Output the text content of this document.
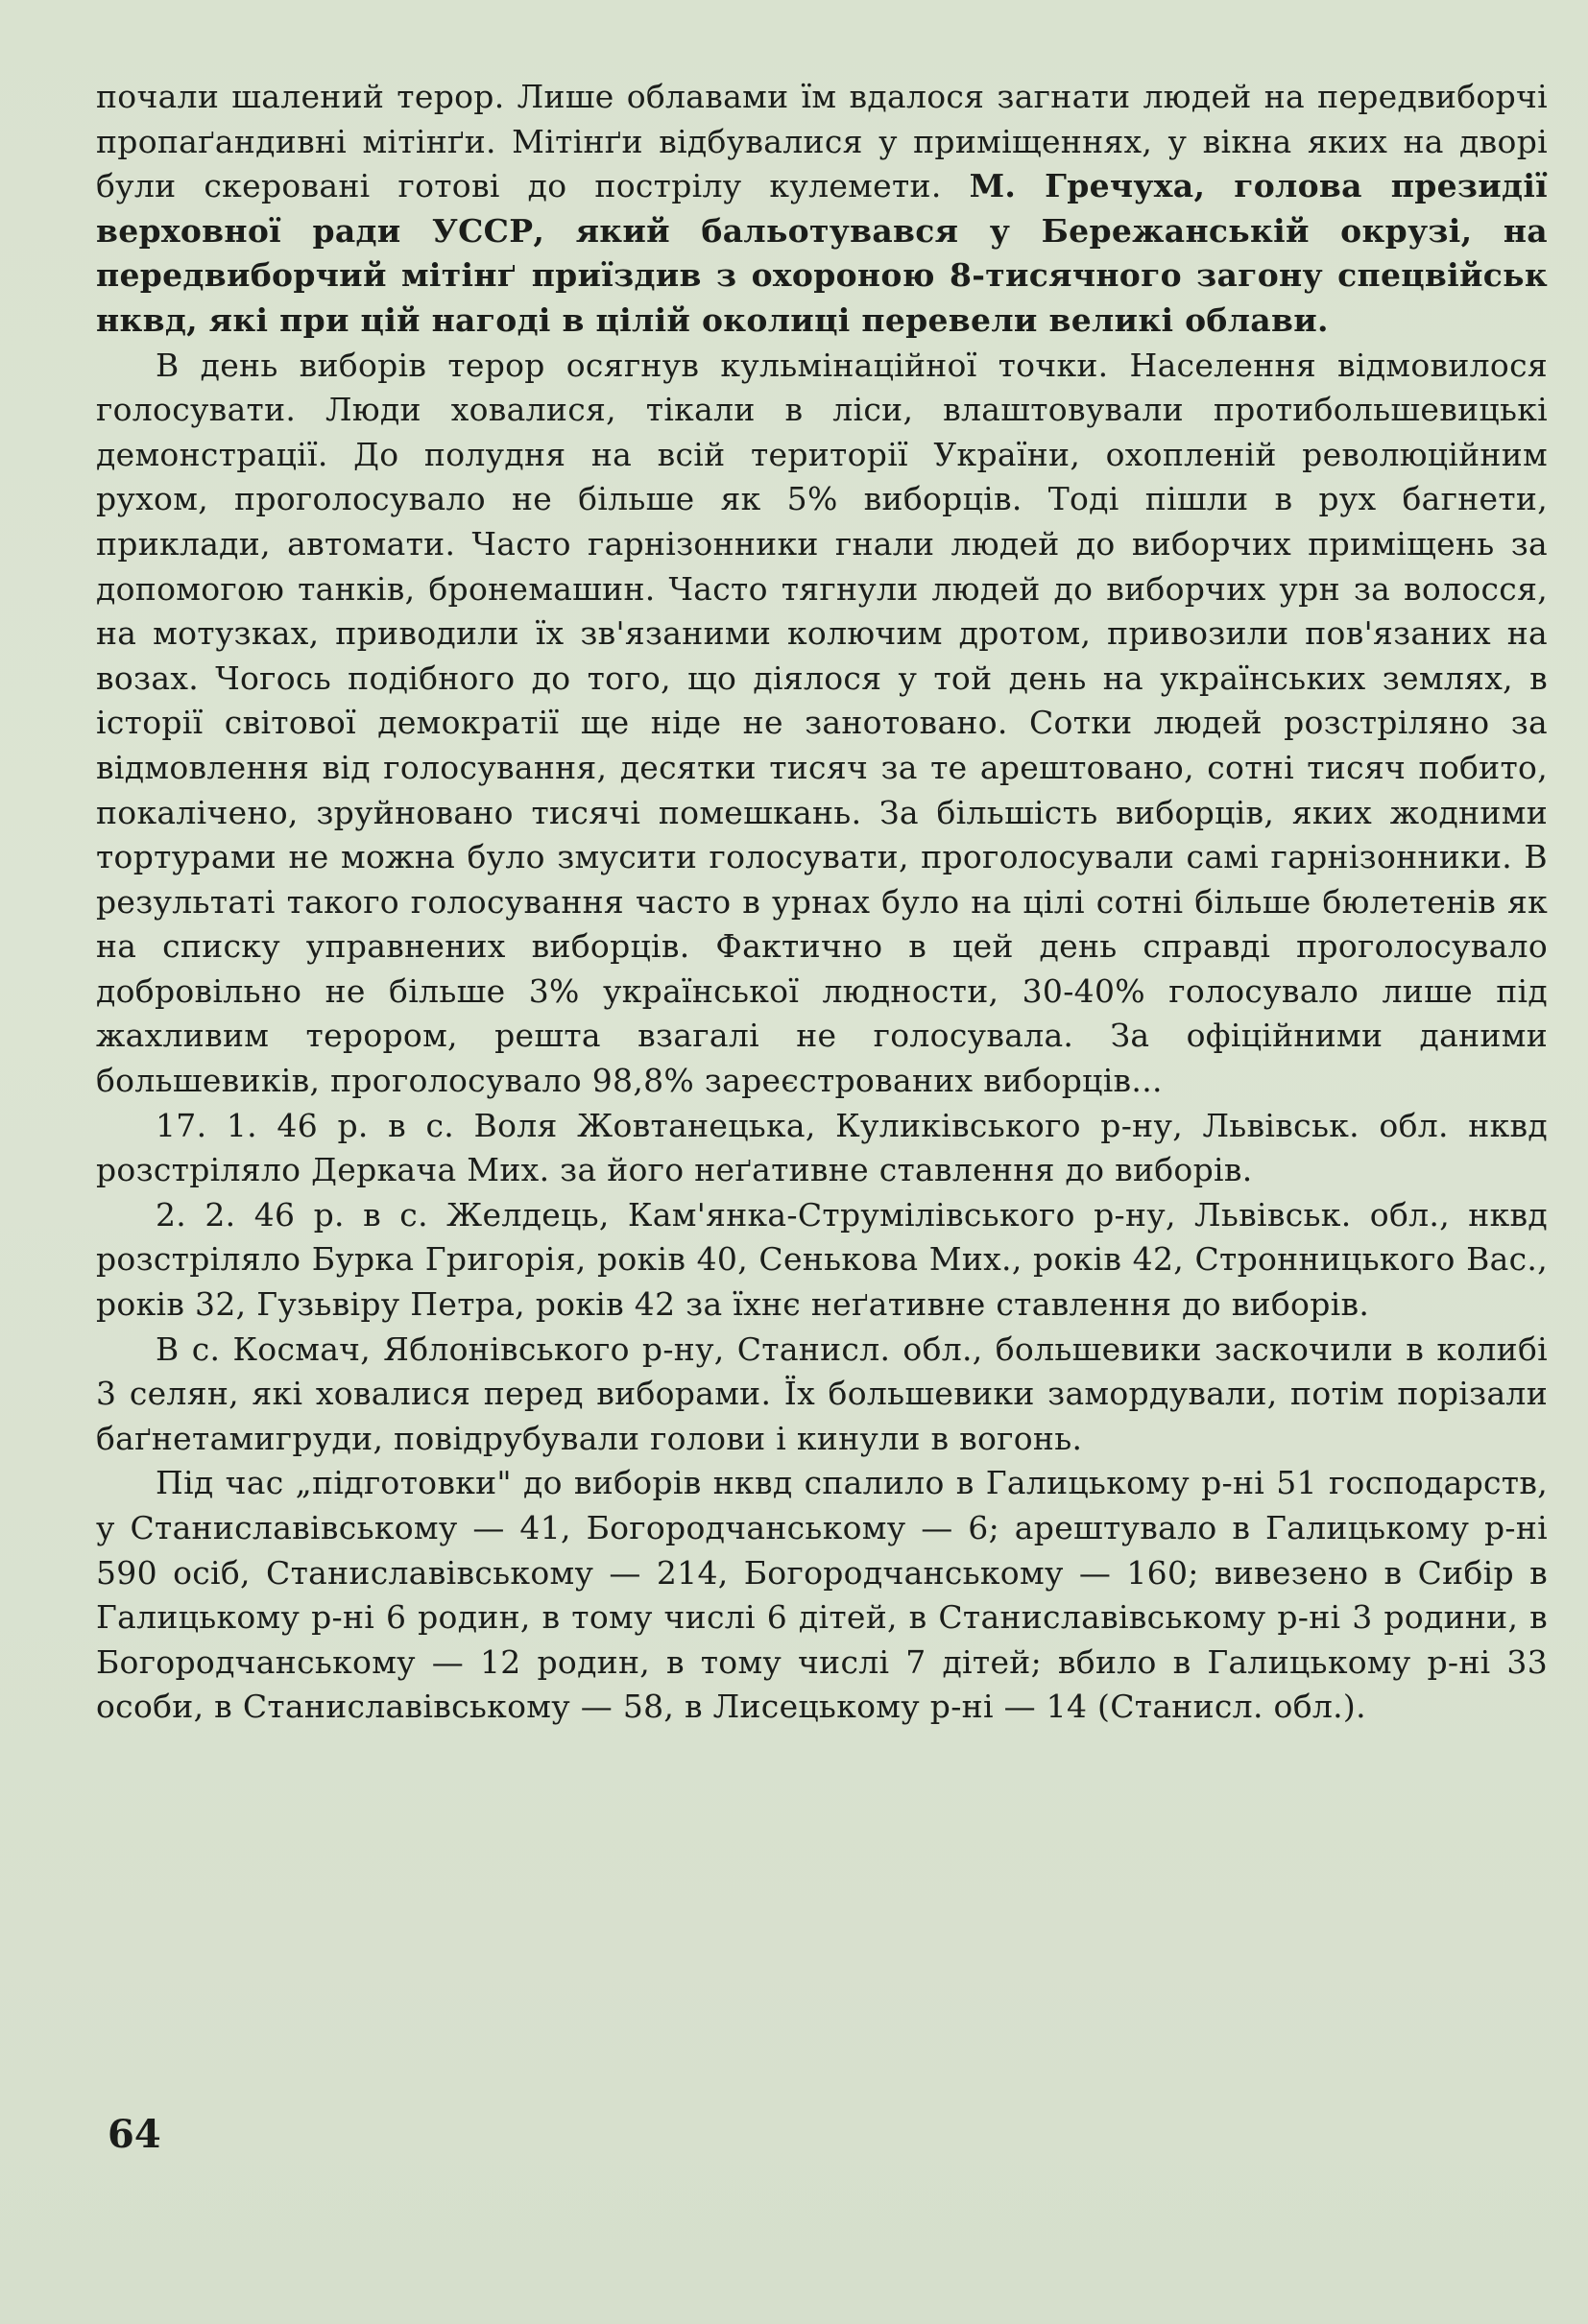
почали шалений терор. Лише облавами їм вдалося загнати людей на передвиборчі пропаґандивні мітінґи. Мітінґи відбувалися у приміщеннях, у вікна яких на дворі були скеровані готові до пострілу кулемети. М. Гречуха, голова президії верховної ради УССР, який бальотувався у Бережанській окрузі, на передвиборчий мітінґ приїздив з охороною 8-тисячного загону спецвійськ нквд, які при цій нагоді в цілій околиці перевели великі облави.

В день виборів терор осягнув кульмінаційної точки. Населення відмовилося голосувати. Люди ховалися, тікали в ліси, влаштовували протибольшевицькі демонстрації. До полудня на всій території України, охопленій революційним рухом, проголосувало не більше як 5% виборців. Тоді пішли в рух багнети, приклади, автомати. Часто гарнізонники гнали людей до виборчих приміщень за допомогою танків, бронемашин. Часто тягнули людей до виборчих урн за волосся, на мотузках, приводили їх зв'язаними колючим дротом, привозили пов'язаних на возах. Чогось подібного до того, що діялося у той день на українських землях, в історії світової демократії ще ніде не занотовано. Сотки людей розстріляно за відмовлення від голосування, десятки тисяч за те арештовано, сотні тисяч побито, покалічено, зруйновано тисячі помешкань. За більшість виборців, яких жодними тортурами не можна було змусити голосувати, проголосували самі гарнізонники. В результаті такого голосування часто в урнах було на цілі сотні більше бюлетенів як на списку управнених виборців. Фактично в цей день справді проголосувало добровільно не більше 3% української людности, 30-40% голосувало лише під жахливим терором, решта взагалі не голосувала. За офіційними даними большевиків, проголосувало 98,8% зареєстрованих виборців...

17. 1. 46 р. в с. Воля Жовтанецька, Куликівського р-ну, Львівськ. обл. нквд розстріляло Деркача Мих. за його неґативне ставлення до виборів.

2. 2. 46 р. в с. Желдець, Кам'янка-Струмілівського р-ну, Львівськ. обл., нквд розстріляло Бурка Григорія, років 40, Сенькова Мих., років 42, Стронницького Вас., років 32, Гузьвіру Петра, років 42 за їхнє неґативне ставлення до виборів.

В с. Космач, Яблонівського р-ну, Станисл. обл., большевики заскочили в колибі 3 селян, які ховалися перед виборами. Їх большевики замордували, потім порізали баґнетамигруди, повідрубували голови і кинули в вогонь.

Під час „підготовки" до виборів нквд спалило в Галицькому р-ні 51 господарств, у Станиславівському — 41, Богородчанському — 6; арештувало в Галицькому р-ні 590 осіб, Станиславівському — 214, Богородчанському — 160; вивезено в Сибір в Галицькому р-ні 6 родин, в тому числі 6 дітей, в Станиславівському р-ні 3 родини, в Богородчанському — 12 родин, в тому числі 7 дітей; вбило в Галицькому р-ні 33 особи, в Станиславівському — 58, в Лисецькому р-ні — 14 (Станисл. обл.).

64
